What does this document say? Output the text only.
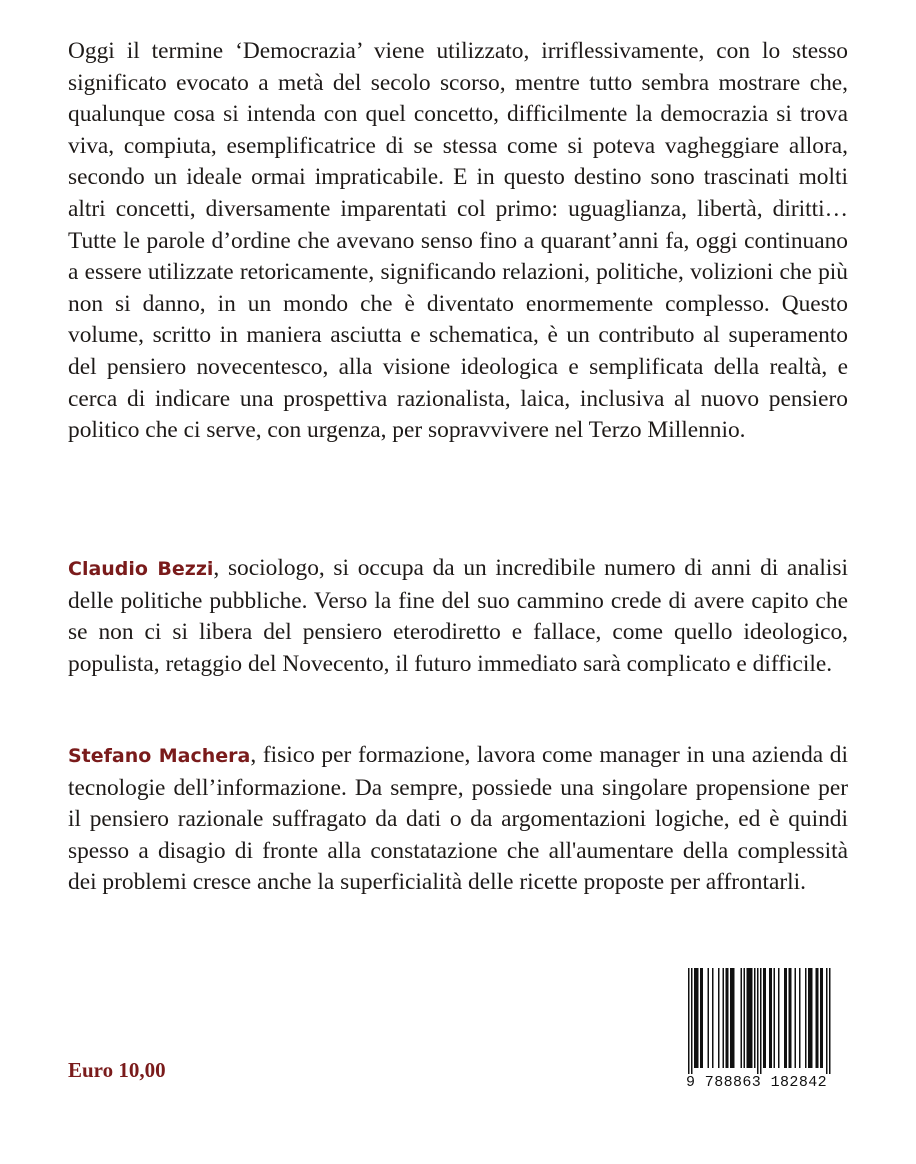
Oggi il termine ‘Democrazia’ viene utilizzato, irriflessivamente, con lo stesso significato evocato a metà del secolo scorso, mentre tutto sembra mostrare che, qualunque cosa si intenda con quel concetto, difficilmente la democrazia si trova viva, compiuta, esemplificatrice di se stessa come si poteva vagheggiare allora, secondo un ideale ormai impraticabile. E in questo destino sono trascinati molti altri concetti, diversamente imparentati col primo: uguaglianza, libertà, diritti… Tutte le parole d’ordine che avevano senso fino a quarant’anni fa, oggi continuano a essere utilizzate retoricamente, significando relazioni, politiche, volizioni che più non si danno, in un mondo che è diventato enormemente complesso. Questo volume, scritto in maniera asciutta e schematica, è un contributo al superamento del pensiero novecentesco, alla visione ideologica e semplificata della realtà, e cerca di indicare una prospettiva razionalista, laica, inclusiva al nuovo pensiero politico che ci serve, con urgenza, per sopravvivere nel Terzo Millennio.

Claudio Bezzi, sociologo, si occupa da un incredibile numero di anni di analisi delle politiche pubbliche. Verso la fine del suo cammino crede di avere capito che se non ci si libera del pensiero eterodiretto e fallace, come quello ideologico, populista, retaggio del Novecento, il futuro immediato sarà complicato e difficile.

Stefano Machera, fisico per formazione, lavora come manager in una azienda di tecnologie dell’informazione. Da sempre, possiede una singolare propensione per il pensiero razionale suffragato da dati o da argomentazioni logiche, ed è quindi spesso a disagio di fronte alla constatazione che all'aumentare della complessità dei problemi cresce anche la superficialità delle ricette proposte per affrontarli.

Euro 10,00
9 788863 182842
